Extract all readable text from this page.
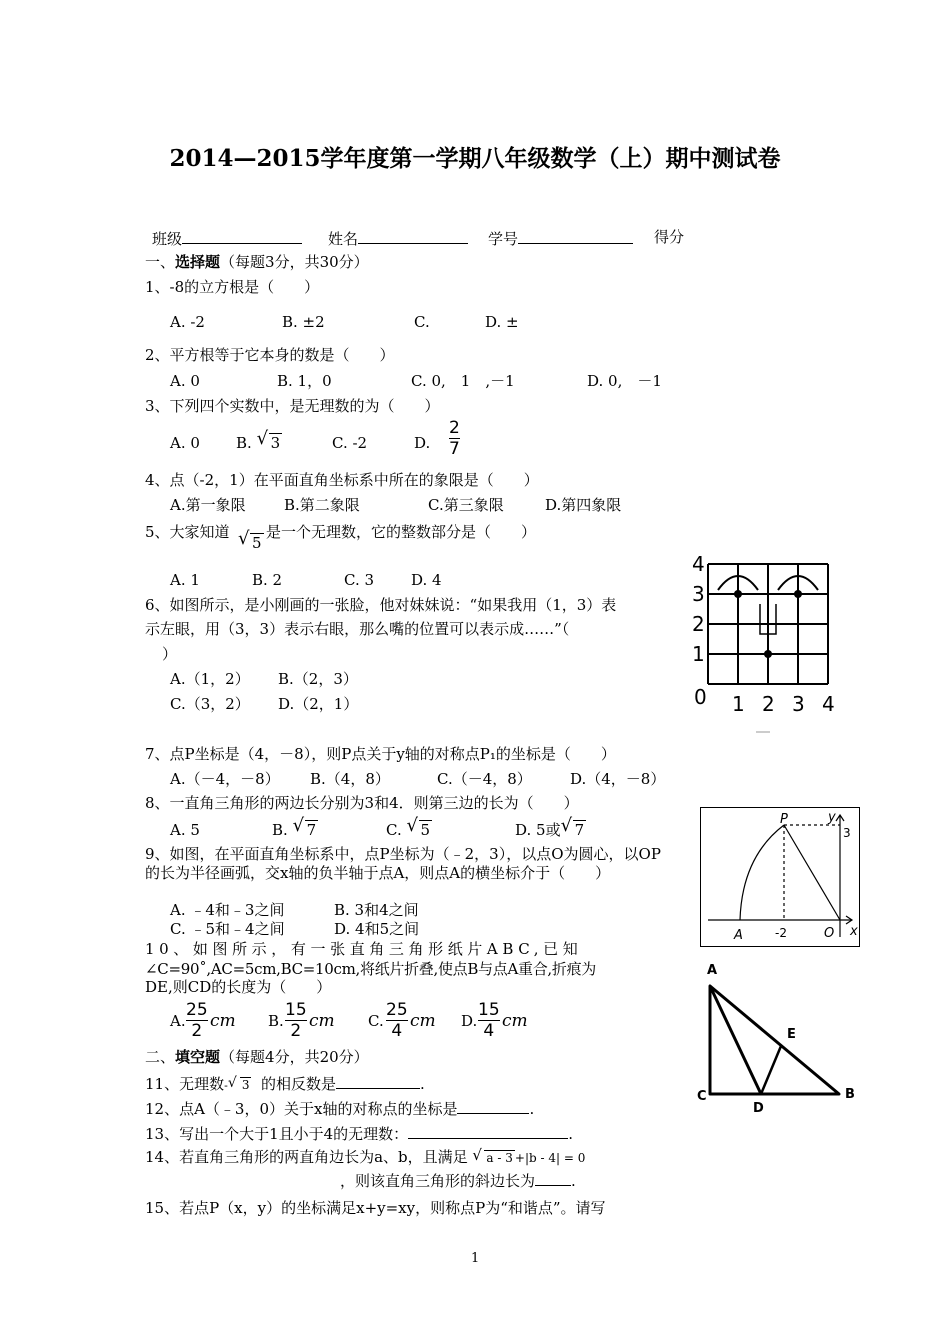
2014—2015学年度第一学期八年级数学（上）期中测试卷
班级	姓名	学号	得分
一、选择题（每题3分，共30分）
1、-8的立方根是（　　）
A. -2	B. ±2	C.	D. ±
2、平方根等于它本身的数是（　　）
A. 0	B. 1，0	C. 0,　1　,－1	D. 0,　－1
3、下列四个实数中，是无理数的为（　　）
A. 0 B. √ 3	C. -2	D. $\frac{2}{7}$
4、点（-2，1）在平面直角坐标系中所在的象限是（　　）
A.第一象限	B.第二象限	C.第三象限	D.第四象限
5、大家知道 √ 5
是一个无理数，它的整数部分是（　　）
A. 1	B. 2	C. 3 D. 4
6、如图所示，是小刚画的一张脸，他对妹妹说：“如果我用（1，3）表
示左眼，用（3，3）表示右眼，那么嘴的位置可以表示成……”（
）
A.（1，2） B.（2，3）
C.（3，2） D.（2，1）
4
3
2
1
0 1 2 3 4
7、点P坐标是（4，－8），则P点关于y轴的对称点P₁的坐标是（　　）
A.（－4，－8） B.（4，8）	C.（－4，8）	D.（4，－8）
8、一直角三角形的两边长分别为3和4．则第三边的长为（　　）
A. 5	B. √ 7	C. √ 5	D. 5或 √ 7
9、如图，在平面直角坐标系中，点P坐标为（﹣2，3），以点O为圆心，以OP
的长为半径画弧，交x轴的负半轴于点A，则点A的横坐标介于（　　）
A. ﹣4和﹣3之间	B. 3和4之间
C. ﹣5和﹣4之间	D. 4和5之间
P	y
A	O x
3
-2
10、如图所示，有一张直角三角形纸片ABC,已知
∠C=90˚,AC=5cm,BC=10cm,将纸片折叠,使点B与点A重合,折痕为
DE,则CD的长度为（　　）
A. $\frac{25}{2}$ cm B. $\frac{15}{2}$ cm C. $\frac{25}{4}$ cm D. $\frac{15}{4}$ cm
A
E
C
D
B
二、填空题（每题4分，共20分）
11、无理数- √ 3 的相反数是	.
12、点A（﹣3，0）关于x轴的对称点的坐标是	.
13、写出一个大于1且小于4的无理数：	.
14、若直角三角形的两直角边长为a、b，且满足 √ a - 3 +|b - 4| = 0
，则该直角三角形的斜边长为 .
15、若点P（x，y）的坐标满足x+y=xy，则称点P为“和谐点”。请写
1
